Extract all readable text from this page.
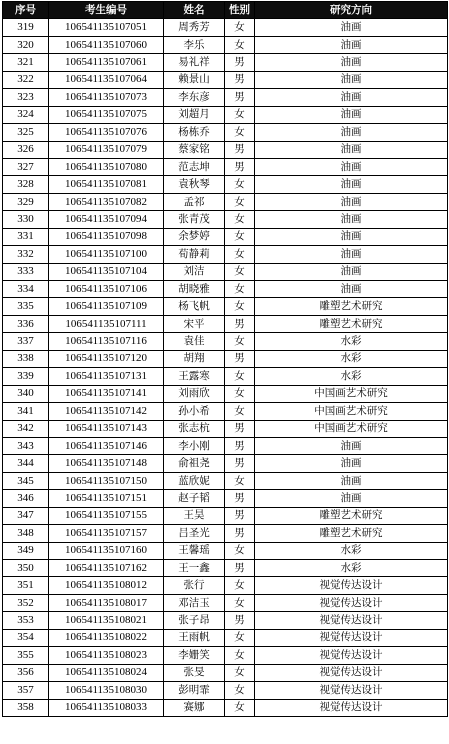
序号	考生编号	姓名	性别	研究方向
319	106541135107051	周秀芳	女	油画
320	106541135107060	李乐	女	油画
321	106541135107061	易礼祥	男	油画
322	106541135107064	赖景山	男	油画
323	106541135107073	李东彦	男	油画
324	106541135107075	刘超月	女	油画
325	106541135107076	杨栋乔	女	油画
326	106541135107079	蔡家铭	男	油画
327	106541135107080	范志坤	男	油画
328	106541135107081	袁秋琴	女	油画
329	106541135107082	孟祁	女	油画
330	106541135107094	张青茂	女	油画
331	106541135107098	余梦婷	女	油画
332	106541135107100	荀静莉	女	油画
333	106541135107104	刘洁	女	油画
334	106541135107106	胡晓雅	女	油画
335	106541135107109	杨飞帆	女	雕塑艺术研究
336	106541135107111	宋平	男	雕塑艺术研究
337	106541135107116	袁佳	女	水彩
338	106541135107120	胡翔	男	水彩
339	106541135107131	王露寒	女	水彩
340	106541135107141	刘雨欣	女	中国画艺术研究
341	106541135107142	孙小希	女	中国画艺术研究
342	106541135107143	张志杭	男	中国画艺术研究
343	106541135107146	李小刚	男	油画
344	106541135107148	俞祖尧	男	油画
345	106541135107150	蓝欣妮	女	油画
346	106541135107151	赵子韬	男	油画
347	106541135107155	王昊	男	雕塑艺术研究
348	106541135107157	吕圣光	男	雕塑艺术研究
349	106541135107160	王馨瑶	女	水彩
350	106541135107162	王一鑫	男	水彩
351	106541135108012	张行	女	视觉传达设计
352	106541135108017	邓洁玉	女	视觉传达设计
353	106541135108021	张子昂	男	视觉传达设计
354	106541135108022	王雨帆	女	视觉传达设计
355	106541135108023	李姗笑	女	视觉传达设计
356	106541135108024	张旻	女	视觉传达设计
357	106541135108030	彭明霏	女	视觉传达设计
358	106541135108033	赛娜	女	视觉传达设计
